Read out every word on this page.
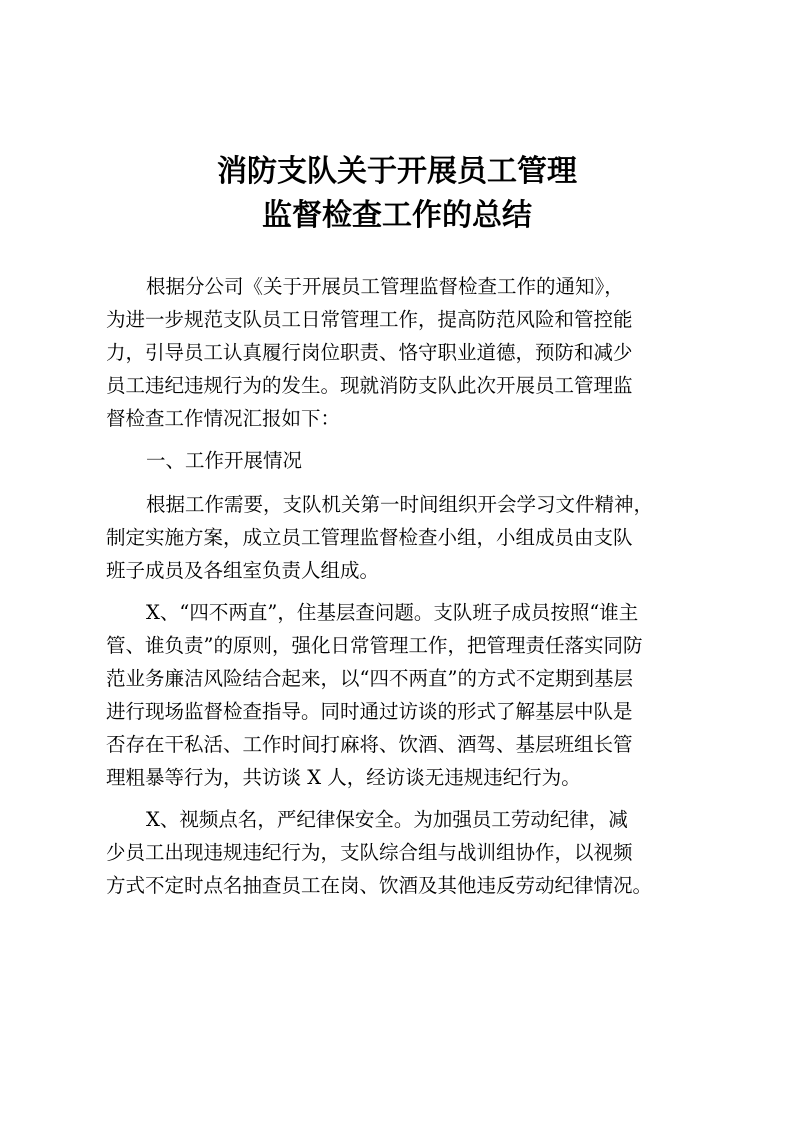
消防支队关于开展员工管理
监督检查工作的总结
根据分公司《关于开展员工管理监督检查工作的通知》，
为进一步规范支队员工日常管理工作，提高防范风险和管控能
力，引导员工认真履行岗位职责、恪守职业道德，预防和减少
员工违纪违规行为的发生。现就消防支队此次开展员工管理监
督检查工作情况汇报如下：
一、工作开展情况
根据工作需要，支队机关第一时间组织开会学习文件精神，
制定实施方案，成立员工管理监督检查小组，小组成员由支队
班子成员及各组室负责人组成。
X、“四不两直”，住基层查问题。支队班子成员按照“谁主
管、谁负责”的原则，强化日常管理工作，把管理责任落实同防
范业务廉洁风险结合起来，以“四不两直”的方式不定期到基层
进行现场监督检查指导。同时通过访谈的形式了解基层中队是
否存在干私活、工作时间打麻将、饮酒、酒驾、基层班组长管
理粗暴等行为，共访谈 X 人，经访谈无违规违纪行为。
X、视频点名，严纪律保安全。为加强员工劳动纪律，减
少员工出现违规违纪行为，支队综合组与战训组协作，以视频
方式不定时点名抽查员工在岗、饮酒及其他违反劳动纪律情况。
